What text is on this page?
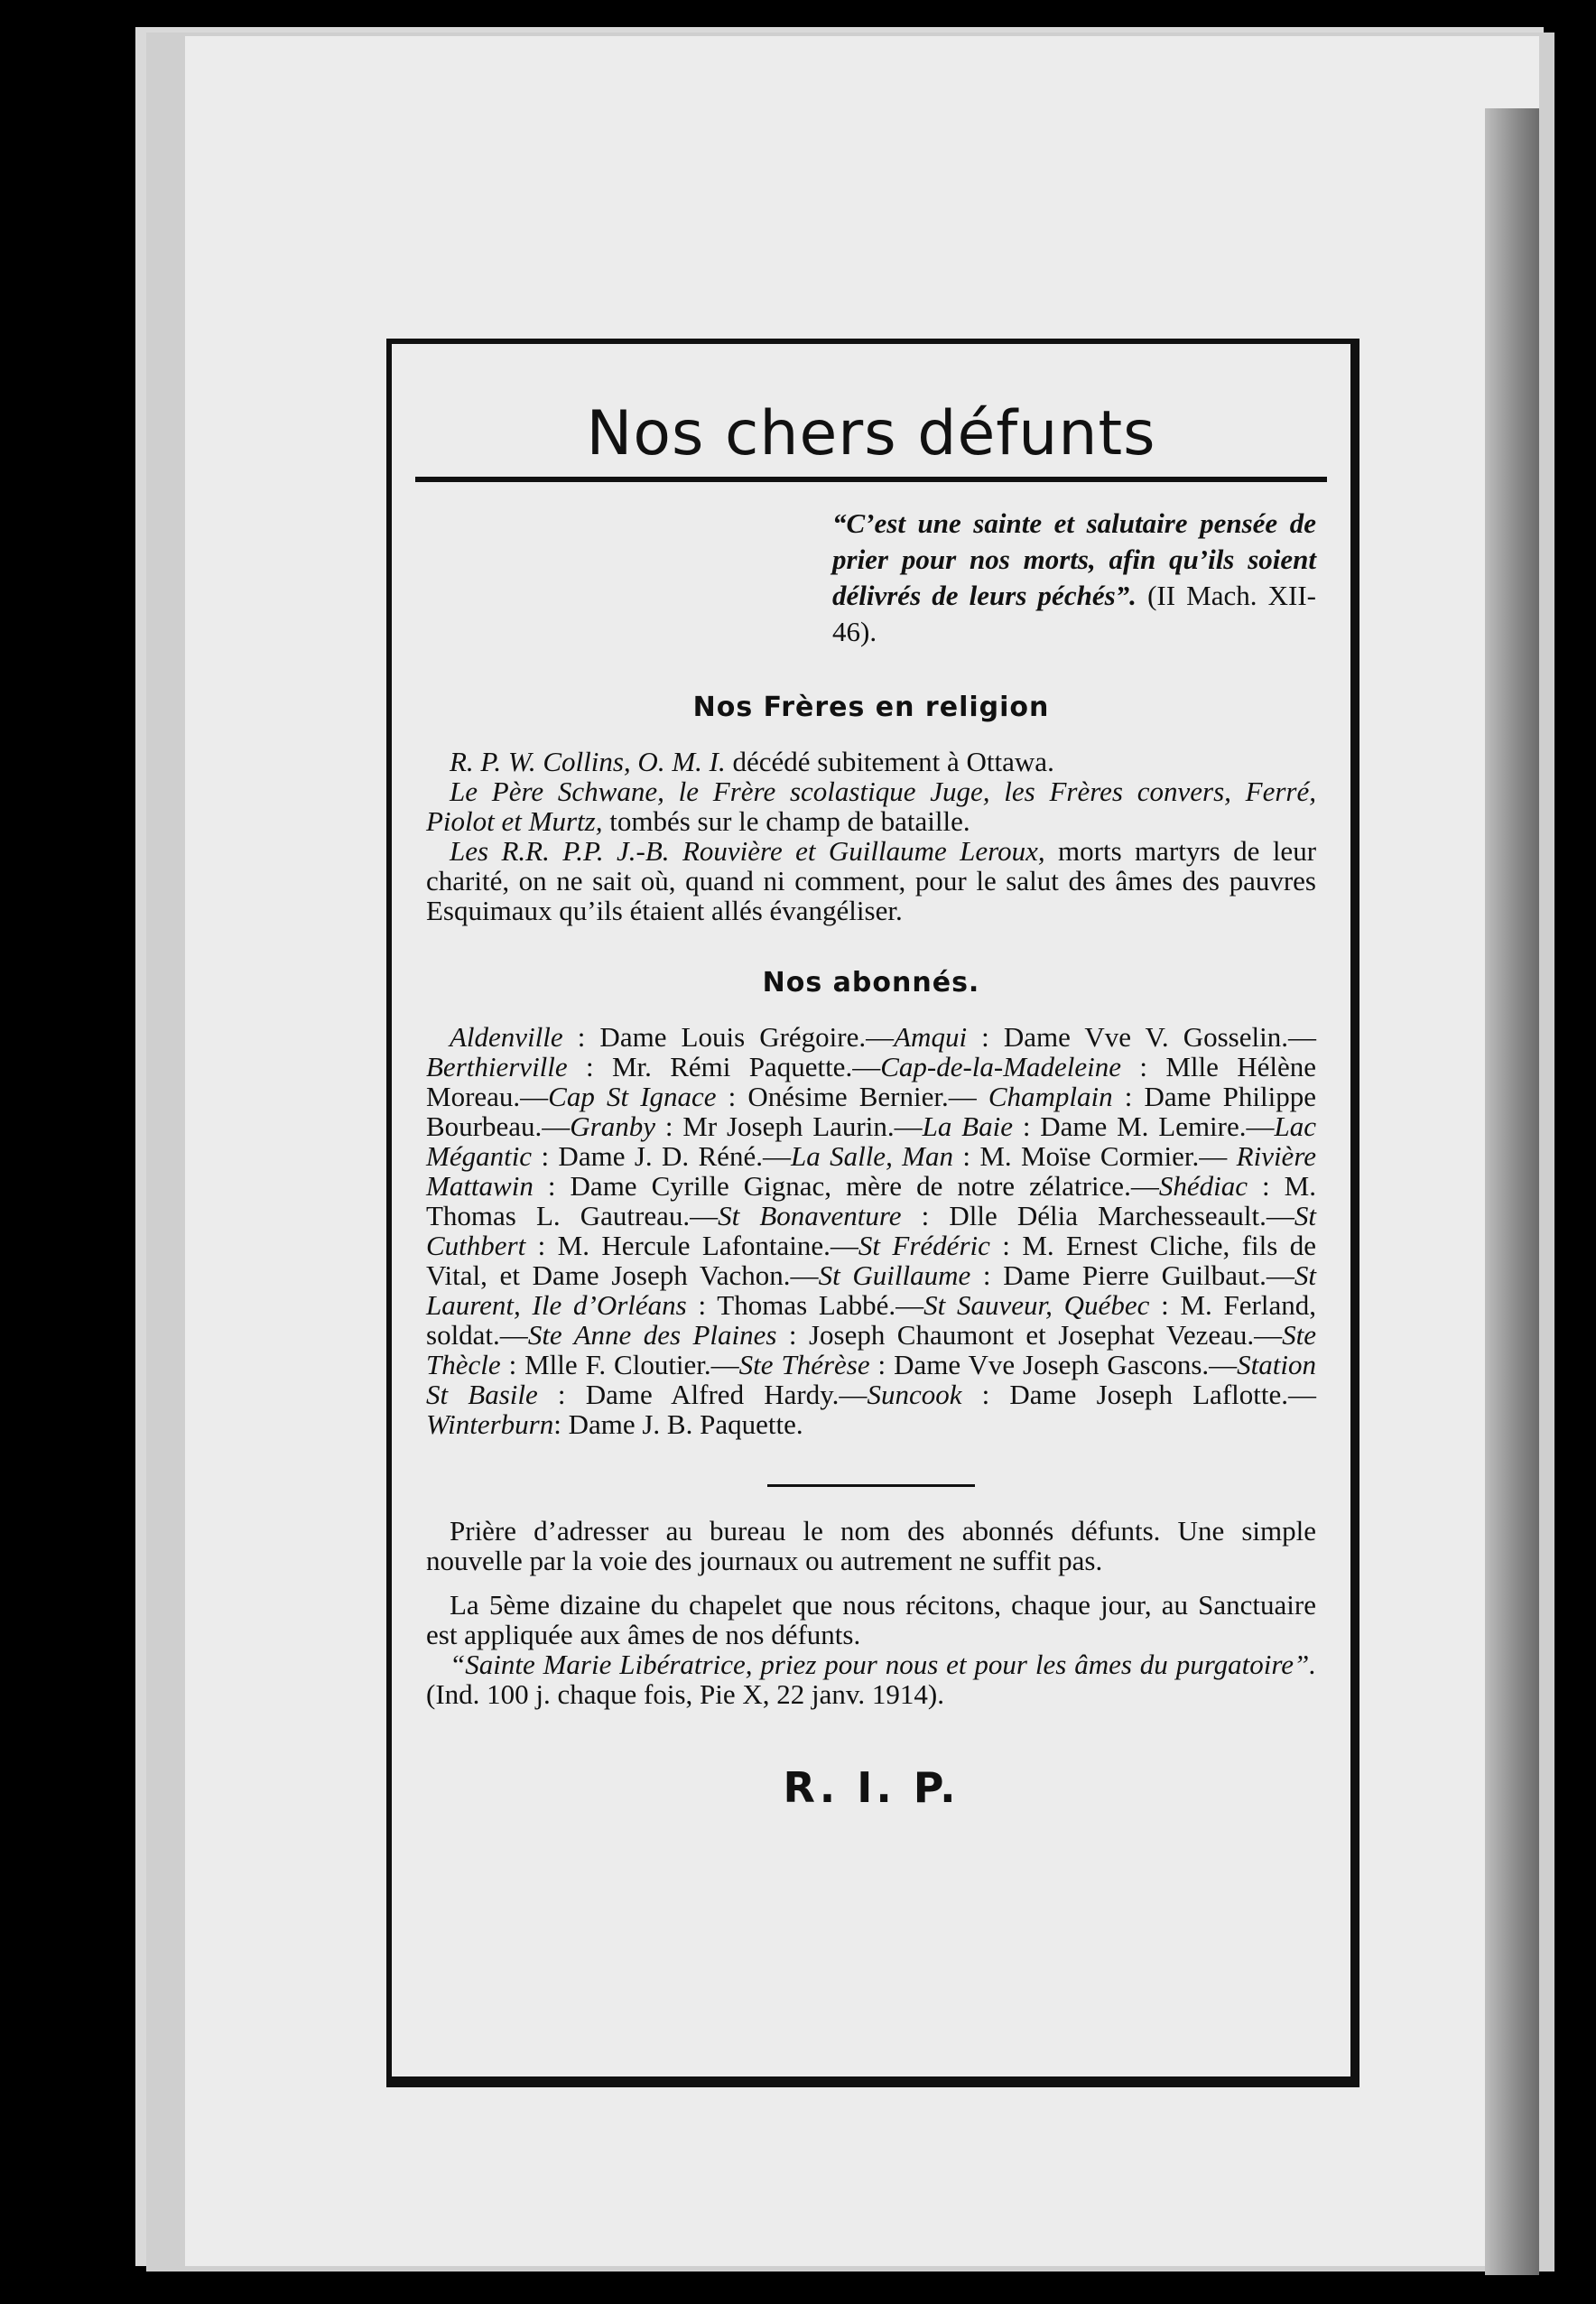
Nos chers défunts

“C’est une sainte et salutaire pensée de prier pour nos morts, afin qu’ils soient délivrés de leurs péchés”. (II Mach. XII-46).

Nos Frères en religion

R. P. W. Collins, O. M. I. décédé subitement à Ottawa.

Le Père Schwane, le Frère scolastique Juge, les Frères convers, Ferré, Piolot et Murtz, tombés sur le champ de bataille.

Les R.R. P.P. J.-B. Rouvière et Guillaume Leroux, morts martyrs de leur charité, on ne sait où, quand ni comment, pour le salut des âmes des pauvres Esquimaux qu’ils étaient allés évangéliser.

Nos abonnés.

Aldenville : Dame Louis Grégoire.—Amqui : Dame Vve V. Gosselin.—Berthierville : Mr. Rémi Paquette.—Cap-de-la-Madeleine : Mlle Hélène Moreau.—Cap St Ignace : Onésime Bernier.— Champlain : Dame Philippe Bourbeau.—Granby : Mr Joseph Laurin.—La Baie : Dame M. Lemire.—Lac Mégantic : Dame J. D. Réné.—La Salle, Man : M. Moïse Cormier.— Rivière Mattawin : Dame Cyrille Gignac, mère de notre zélatrice.—Shédiac : M. Thomas L. Gautreau.—St Bonaventure : Dlle Délia Marchesseault.—St Cuthbert : M. Hercule Lafontaine.—St Frédéric : M. Ernest Cliche, fils de Vital, et Dame Joseph Vachon.—St Guillaume : Dame Pierre Guilbaut.—St Laurent, Ile d’Orléans : Thomas Labbé.—St Sauveur, Québec : M. Ferland, soldat.—Ste Anne des Plaines : Joseph Chaumont et Josephat Vezeau.—Ste Thècle : Mlle F. Cloutier.—Ste Thérèse : Dame Vve Joseph Gascons.—Station St Basile : Dame Alfred Hardy.—Suncook : Dame Joseph Laflotte.—Winterburn: Dame J. B. Paquette.

Prière d’adresser au bureau le nom des abonnés défunts. Une simple nouvelle par la voie des journaux ou autrement ne suffit pas.

La 5ème dizaine du chapelet que nous récitons, chaque jour, au Sanctuaire est appliquée aux âmes de nos défunts.

“Sainte Marie Libératrice, priez pour nous et pour les âmes du purgatoire”. (Ind. 100 j. chaque fois, Pie X, 22 janv. 1914).

R. I. P.
